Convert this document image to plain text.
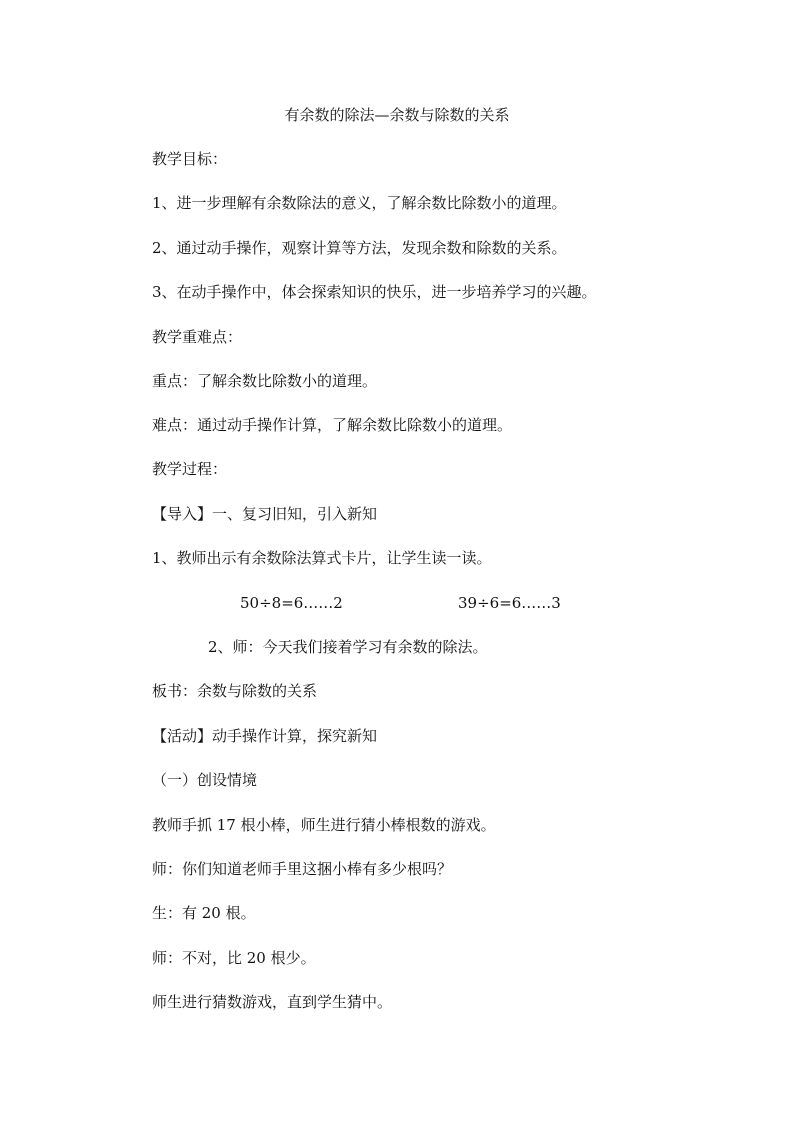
有余数的除法—余数与除数的关系
教学目标：
1、进一步理解有余数除法的意义，了解余数比除数小的道理。
2、通过动手操作，观察计算等方法，发现余数和除数的关系。
3、在动手操作中，体会探索知识的快乐，进一步培养学习的兴趣。
教学重难点：
重点：了解余数比除数小的道理。
难点：通过动手操作计算，了解余数比除数小的道理。
教学过程：
【导入】一、复习旧知，引入新知
1、教师出示有余数除法算式卡片，让学生读一读。
50÷8=6……2	39÷6=6……3
2、师：今天我们接着学习有余数的除法。
板书：余数与除数的关系
【活动】动手操作计算，探究新知
（一）创设情境
教师手抓 17 根小棒，师生进行猜小棒根数的游戏。
师：你们知道老师手里这捆小棒有多少根吗？
生：有 20 根。
师：不对，比 20 根少。
师生进行猜数游戏，直到学生猜中。
